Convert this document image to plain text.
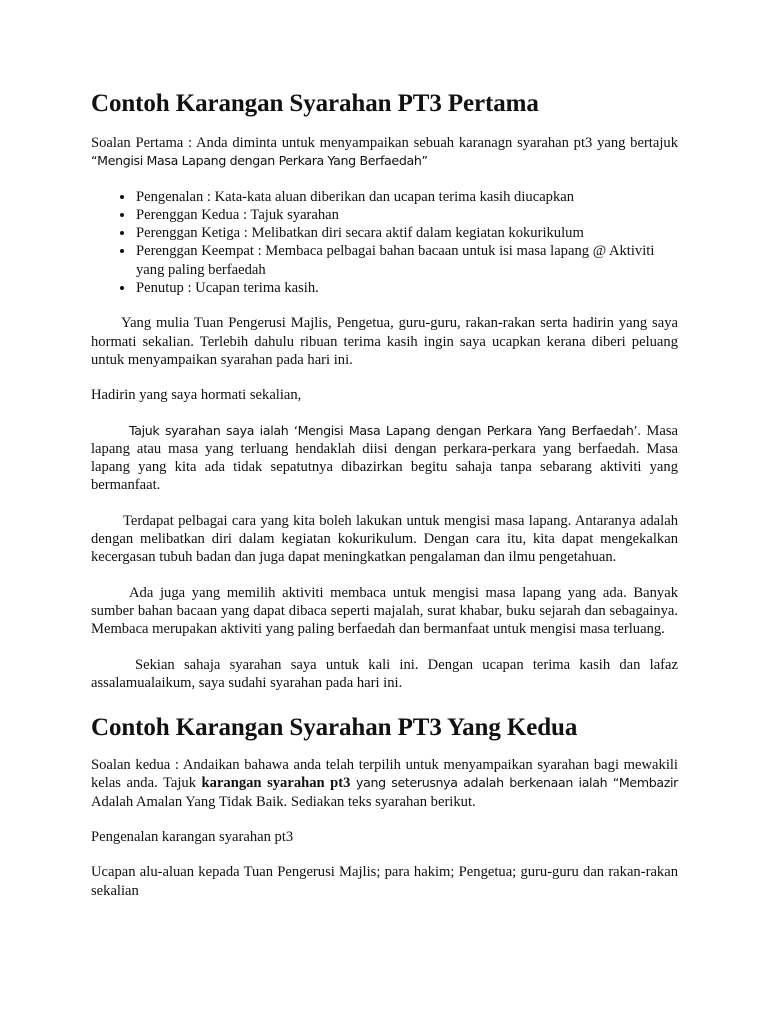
Contoh Karangan Syarahan PT3 Pertama

Soalan Pertama : Anda diminta untuk menyampaikan sebuah karanagn syarahan pt3 yang bertajuk “Mengisi Masa Lapang dengan Perkara Yang Berfaedah”

• Pengenalan : Kata-kata aluan diberikan dan ucapan terima kasih diucapkan
• Perenggan Kedua : Tajuk syarahan
• Perenggan Ketiga : Melibatkan diri secara aktif dalam kegiatan kokurikulum
• Perenggan Keempat : Membaca pelbagai bahan bacaan untuk isi masa lapang @ Aktiviti yang paling berfaedah
• Penutup : Ucapan terima kasih.

Yang mulia Tuan Pengerusi Majlis, Pengetua, guru-guru, rakan-rakan serta hadirin yang saya hormati sekalian. Terlebih dahulu ribuan terima kasih ingin saya ucapkan kerana diberi peluang untuk menyampaikan syarahan pada hari ini.

Hadirin yang saya hormati sekalian,

Tajuk syarahan saya ialah ‘Mengisi Masa Lapang dengan Perkara Yang Berfaedah’. Masa lapang atau masa yang terluang hendaklah diisi dengan perkara-perkara yang berfaedah. Masa lapang yang kita ada tidak sepatutnya dibazirkan begitu sahaja tanpa sebarang aktiviti yang bermanfaat.

Terdapat pelbagai cara yang kita boleh lakukan untuk mengisi masa lapang. Antaranya adalah dengan melibatkan diri dalam kegiatan kokurikulum. Dengan cara itu, kita dapat mengekalkan kecergasan tubuh badan dan juga dapat meningkatkan pengalaman dan ilmu pengetahuan.

Ada juga yang memilih aktiviti membaca untuk mengisi masa lapang yang ada. Banyak sumber bahan bacaan yang dapat dibaca seperti majalah, surat khabar, buku sejarah dan sebagainya. Membaca merupakan aktiviti yang paling berfaedah dan bermanfaat untuk mengisi masa terluang.

Sekian sahaja syarahan saya untuk kali ini. Dengan ucapan terima kasih dan lafaz assalamualaikum, saya sudahi syarahan pada hari ini.

Contoh Karangan Syarahan PT3 Yang Kedua

Soalan kedua : Andaikan bahawa anda telah terpilih untuk menyampaikan syarahan bagi mewakili kelas anda. Tajuk karangan syarahan pt3 yang seterusnya adalah berkenaan ialah “Membazir Adalah Amalan Yang Tidak Baik. Sediakan teks syarahan berikut.

Pengenalan karangan syarahan pt3

Ucapan alu-aluan kepada Tuan Pengerusi Majlis; para hakim; Pengetua; guru-guru dan rakan-rakan sekalian
